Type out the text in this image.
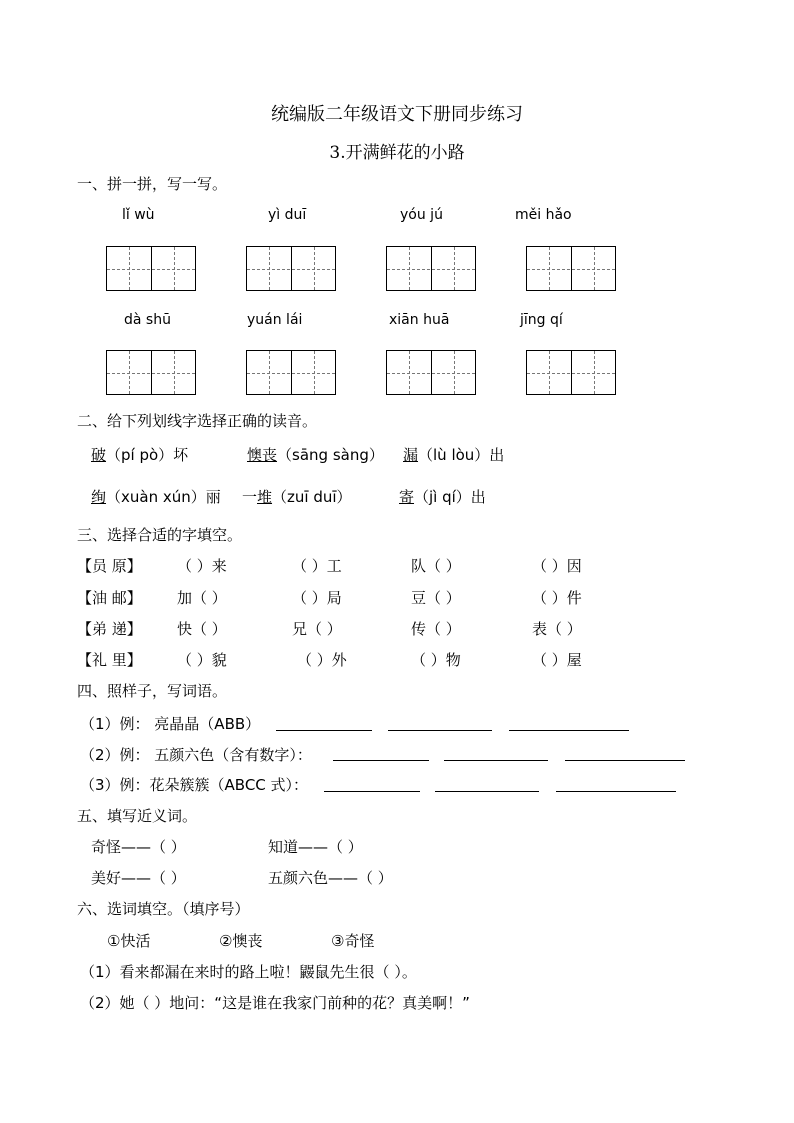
统编版二年级语文下册同步练习
3.开满鲜花的小路
一、拼一拼，写一写。
lǐ wù	yì duī	yóu jú	měi hǎo
dà shū	yuán lái	xiān huā	jīng qí
二、给下列划线字选择正确的读音。
破（pí pò）坏	懊丧（sāng sàng） 漏（lù lòu）出
绚（xuàn xún）丽 一堆（zuī duī）	寄（jì qí）出
三、选择合适的字填空。
【员 原】 （ ）来	（ ）工	队（ ）	（ ）因
【油 邮】 加（ ）	（ ）局	豆（ ）	（ ）件
【弟 递】 快（ ）	兄（ ）	传（ ）	表（ ）
【礼 里】 （ ）貌	（ ）外	（ ）物	（ ）屋
四、照样子，写词语。
（1）例： 亮晶晶（ABB）
（2）例： 五颜六色（含有数字）：
（3）例：花朵簇簇（ABCC 式）：
五、填写近义词。
奇怪——（ ）	知道——（ ）
美好——（ ）	五颜六色——（ ）
六、选词填空。（填序号）
①快活	②懊丧	③奇怪
（1）看来都漏在来时的路上啦！鼹鼠先生很（ ）。
（2）她（ ）地问：“这是谁在我家门前种的花？真美啊！”
